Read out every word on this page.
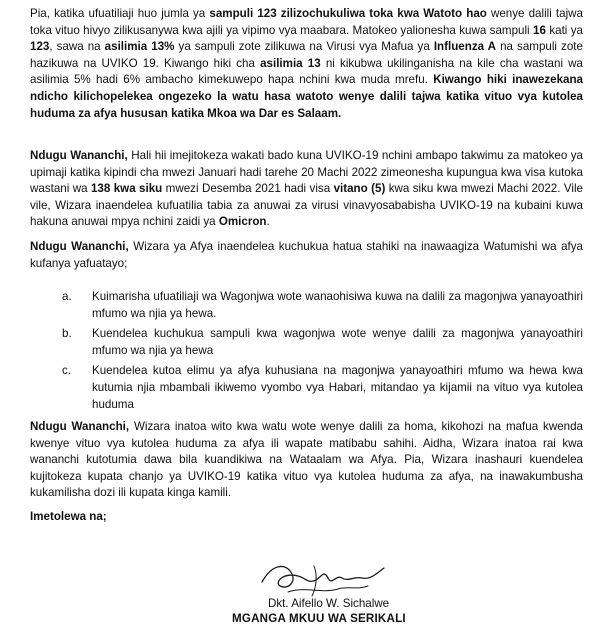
Pia, katika ufuatiliaji huo jumla ya sampuli 123 zilizochukuliwa toka kwa Watoto hao wenye dalili tajwa toka vituo hivyo zilikusanywa kwa ajili ya vipimo vya maabara. Matokeo yalionesha kuwa sampuli 16 kati ya 123, sawa na asilimia 13% ya sampuli zote zilikuwa na Virusi vya Mafua ya Influenza A na sampuli zote hazikuwa na UVIKO 19. Kiwango hiki cha asilimia 13 ni kikubwa ukilinganisha na kile cha wastani wa asilimia 5% hadi 6% ambacho kimekuwepo hapa nchini kwa muda mrefu. Kiwango hiki inawezekana ndicho kilichopelekea ongezeko la watu hasa watoto wenye dalili tajwa katika vituo vya kutolea huduma za afya hususan katika Mkoa wa Dar es Salaam.

Ndugu Wananchi, Hali hii imejitokeza wakati bado kuna UVIKO-19 nchini ambapo takwimu za matokeo ya upimaji katika kipindi cha mwezi Januari hadi tarehe 20 Machi 2022 zimeonesha kupungua kwa visa kutoka wastani wa 138 kwa siku mwezi Desemba 2021 hadi visa vitano (5) kwa siku kwa mwezi Machi 2022. Vile vile, Wizara inaendelea kufuatilia tabia za anuwai za virusi vinavyosababisha UVIKO-19 na kubaini kuwa hakuna anuwai mpya nchini zaidi ya Omicron.

Ndugu Wananchi, Wizara ya Afya inaendelea kuchukua hatua stahiki na inawaagiza Watumishi wa afya kufanya yafuatayo;

a. Kuimarisha ufuatiliaji wa Wagonjwa wote wanaohisiwa kuwa na dalili za magonjwa yanayoathiri mfumo wa njia ya hewa.
b. Kuendelea kuchukua sampuli kwa wagonjwa wote wenye dalili za magonjwa yanayoathiri mfumo wa njia ya hewa
c. Kuendelea kutoa elimu ya afya kuhusiana na magonjwa yanayoathiri mfumo wa hewa kwa kutumia njia mbambali ikiwemo vyombo vya Habari, mitandao ya kijamii na vituo vya kutolea huduma

Ndugu Wananchi, Wizara inatoa wito kwa watu wote wenye dalili za homa, kikohozi na mafua kwenda kwenye vituo vya kutolea huduma za afya ili wapate matibabu sahihi. Aidha, Wizara inatoa rai kwa wananchi kutotumia dawa bila kuandikiwa na Wataalam wa Afya. Pia, Wizara inashauri kuendelea kujitokeza kupata chanjo ya UVIKO-19 katika vituo vya kutolea huduma za afya, na inawakumbusha kukamilisha dozi ili kupata kinga kamili.

Imetolewa na;

Dkt. Aifello W. Sichalwe

MGANGA MKUU WA SERIKALI
